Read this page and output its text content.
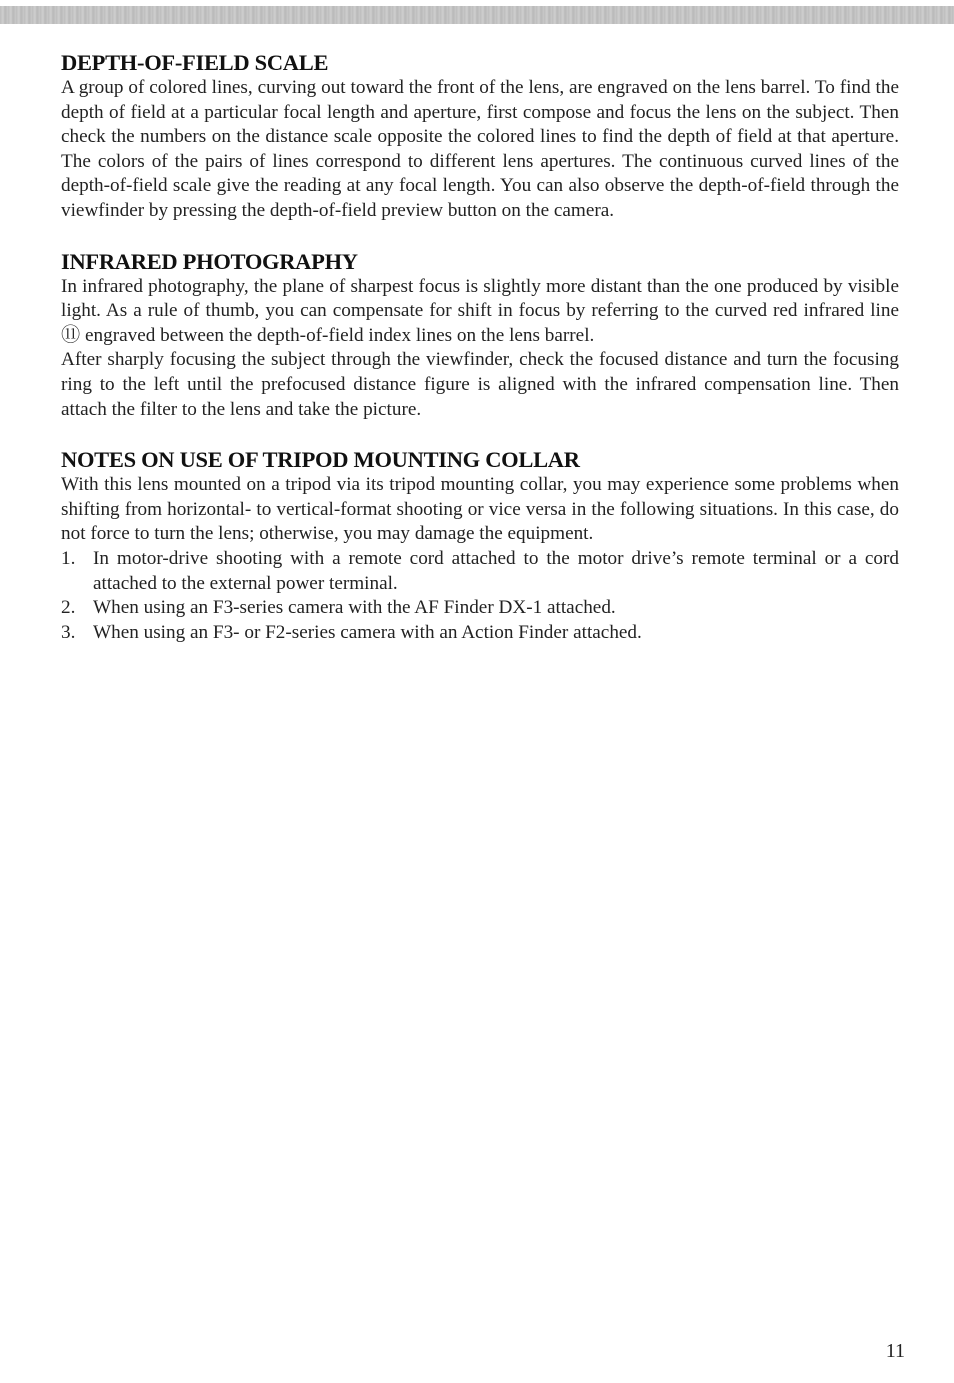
DEPTH-OF-FIELD SCALE

A group of colored lines, curving out toward the front of the lens, are engraved on the lens barrel. To find the depth of field at a particular focal length and aperture, first compose and focus the lens on the subject. Then check the numbers on the distance scale opposite the colored lines to find the depth of field at that aperture. The colors of the pairs of lines correspond to different lens apertures. The continuous curved lines of the depth-of-field scale give the reading at any focal length. You can also observe the depth-of-field through the viewfinder by pressing the depth-of-field preview button on the camera.

INFRARED PHOTOGRAPHY

In infrared photography, the plane of sharpest focus is slightly more distant than the one produced by visible light. As a rule of thumb, you can compensate for shift in focus by referring to the curved red infrared line ⑪ engraved between the depth-of-field index lines on the lens barrel.

After sharply focusing the subject through the viewfinder, check the focused distance and turn the focusing ring to the left until the prefocused distance figure is aligned with the infrared compensation line. Then attach the filter to the lens and take the picture.

NOTES ON USE OF TRIPOD MOUNTING COLLAR

With this lens mounted on a tripod via its tripod mounting collar, you may experience some problems when shifting from horizontal- to vertical-format shooting or vice versa in the following situations. In this case, do not force to turn the lens; otherwise, you may damage the equipment.

1. In motor-drive shooting with a remote cord attached to the motor drive’s remote terminal or a cord attached to the external power terminal.
2. When using an F3-series camera with the AF Finder DX-1 attached.
3. When using an F3- or F2-series camera with an Action Finder attached.
11
